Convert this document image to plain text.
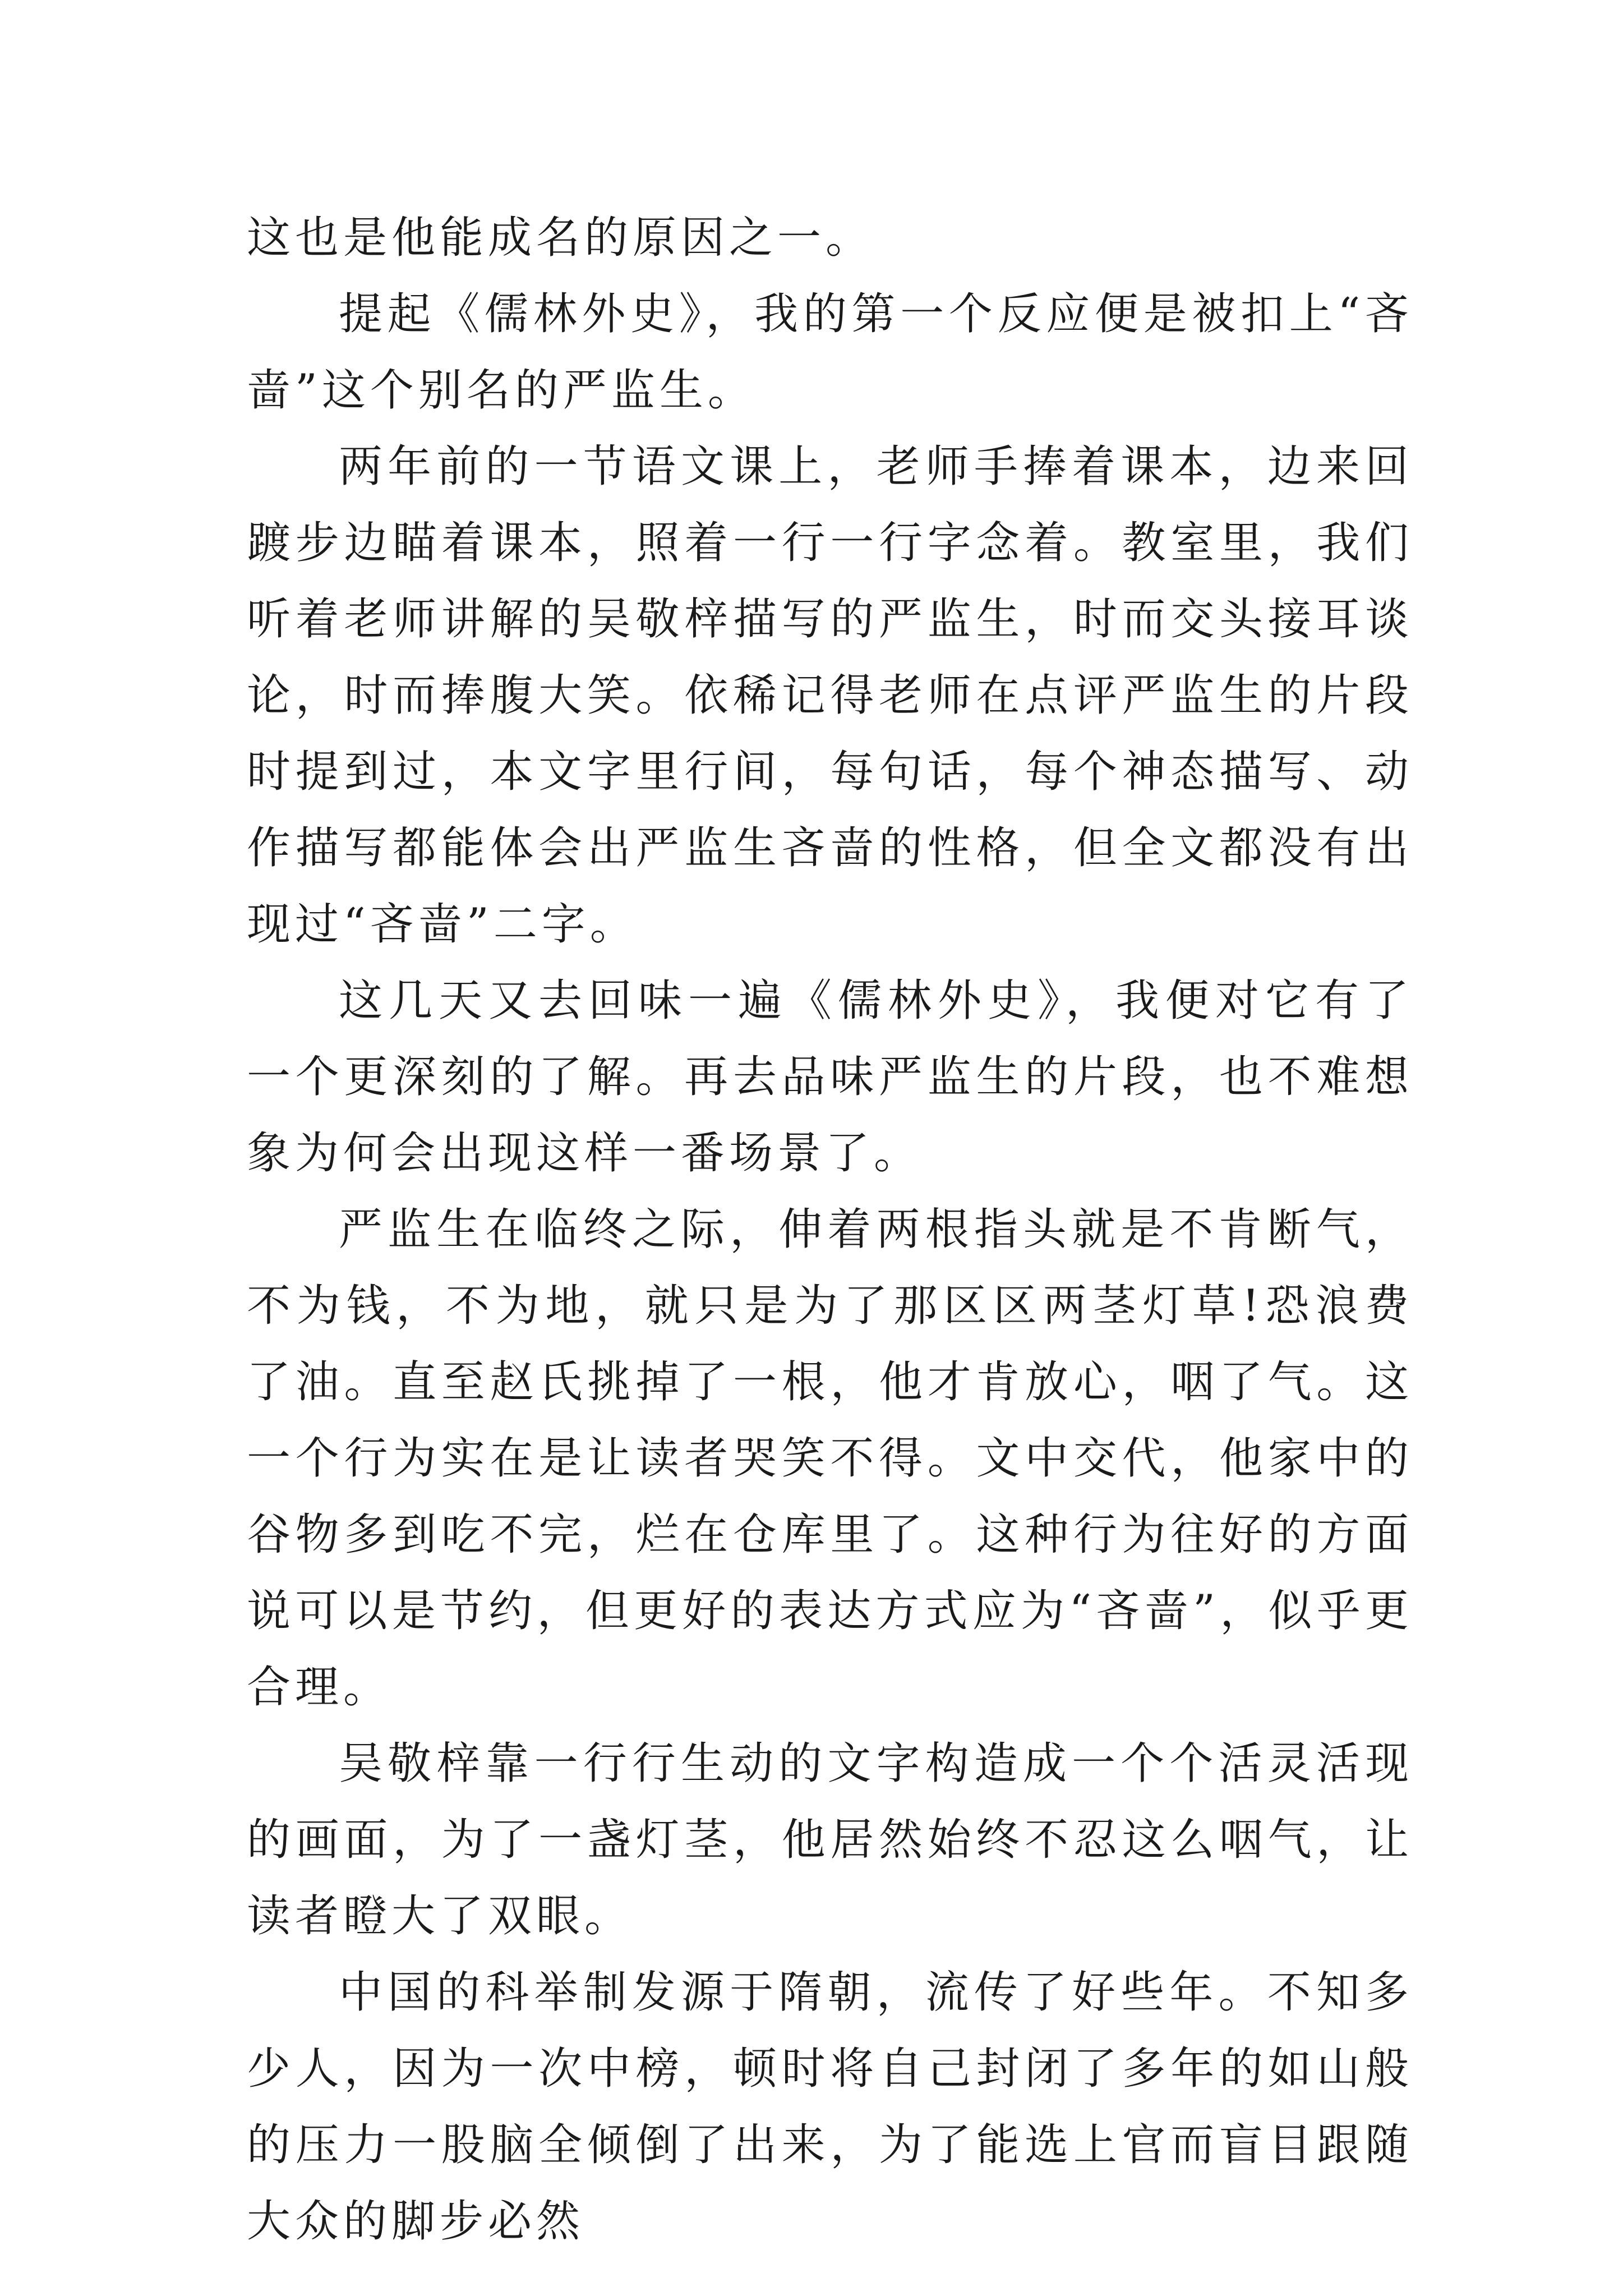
这也是他能成名的原因之一。

提起《儒林外史》，我的第一个反应便是被扣上“吝啬”这个别名的严监生。

两年前的一节语文课上，老师手捧着课本，边来回踱步边瞄着课本，照着一行一行字念着。教室里，我们听着老师讲解的吴敬梓描写的严监生，时而交头接耳谈论，时而捧腹大笑。依稀记得老师在点评严监生的片段时提到过，本文字里行间，每句话，每个神态描写、动作描写都能体会出严监生吝啬的性格，但全文都没有出现过“吝啬”二字。

这几天又去回味一遍《儒林外史》，我便对它有了一个更深刻的了解。再去品味严监生的片段，也不难想象为何会出现这样一番场景了。

严监生在临终之际，伸着两根指头就是不肯断气，不为钱，不为地，就只是为了那区区两茎灯草!恐浪费了油。直至赵氏挑掉了一根，他才肯放心，咽了气。这一个行为实在是让读者哭笑不得。文中交代，他家中的谷物多到吃不完，烂在仓库里了。这种行为往好的方面说可以是节约，但更好的表达方式应为“吝啬”，似乎更合理。

吴敬梓靠一行行生动的文字构造成一个个活灵活现的画面，为了一盏灯茎，他居然始终不忍这么咽气，让读者瞪大了双眼。

中国的科举制发源于隋朝，流传了好些年。不知多少人，因为一次中榜，顿时将自己封闭了多年的如山般的压力一股脑全倾倒了出来，为了能选上官而盲目跟随大众的脚步必然
